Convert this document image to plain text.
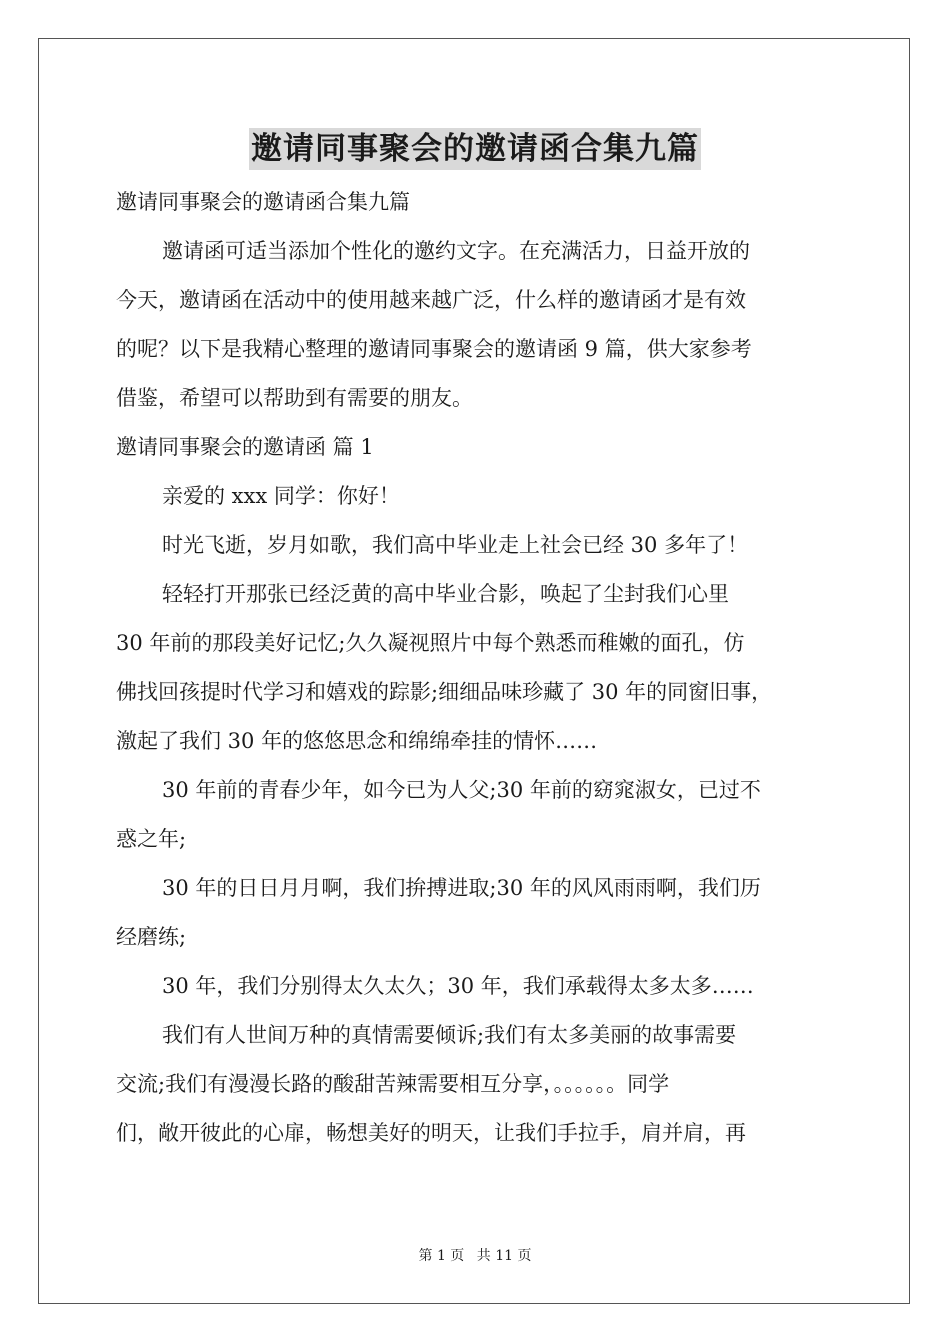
邀请同事聚会的邀请函合集九篇
邀请同事聚会的邀请函合集九篇
邀请函可适当添加个性化的邀约文字。在充满活力，日益开放的
今天，邀请函在活动中的使用越来越广泛，什么样的邀请函才是有效
的呢？以下是我精心整理的邀请同事聚会的邀请函 9 篇，供大家参考
借鉴，希望可以帮助到有需要的朋友。
邀请同事聚会的邀请函 篇 1
亲爱的 xxx 同学：你好！
时光飞逝，岁月如歌，我们高中毕业走上社会已经 30 多年了！
轻轻打开那张已经泛黄的高中毕业合影，唤起了尘封我们心里
30 年前的那段美好记忆;久久凝视照片中每个熟悉而稚嫩的面孔，仿
佛找回孩提时代学习和嬉戏的踪影;细细品味珍藏了 30 年的同窗旧事，
激起了我们 30 年的悠悠思念和绵绵牵挂的情怀……
30 年前的青春少年，如今已为人父;30 年前的窈窕淑女，已过不
惑之年;
30 年的日日月月啊，我们拚搏进取;30 年的风风雨雨啊，我们历
经磨练;
30 年，我们分别得太久太久；30 年，我们承载得太多太多……
我们有人世间万种的真情需要倾诉;我们有太多美丽的故事需要
交流;我们有漫漫长路的酸甜苦辣需要相互分享，。。。。。。同学
们，敞开彼此的心扉，畅想美好的明天，让我们手拉手，肩并肩，再
第 1 页 共 11 页
